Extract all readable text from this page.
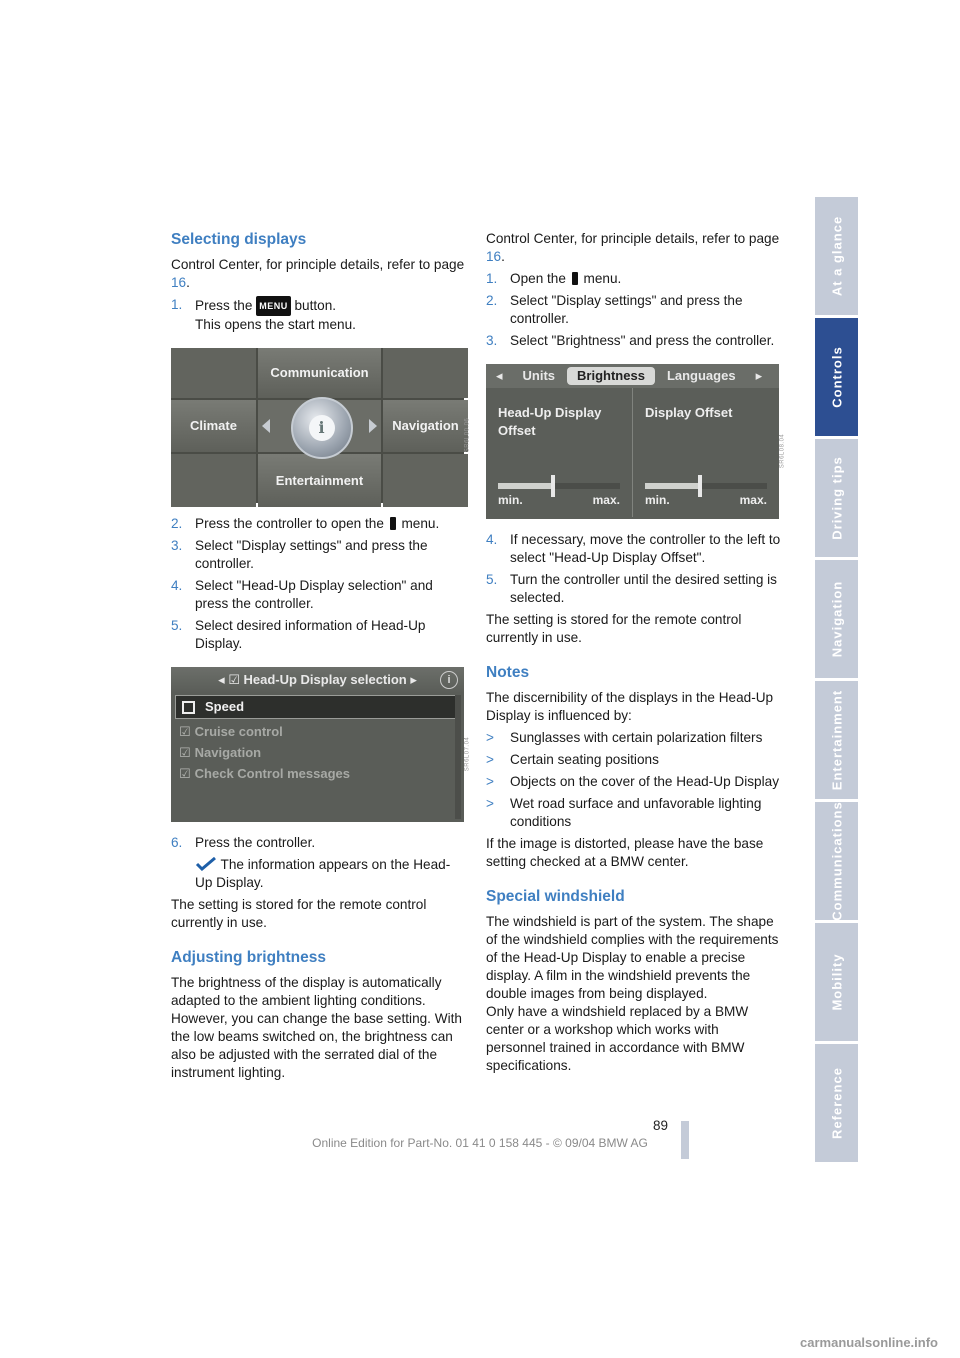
Selecting displays

Control Center, for principle details, refer to page 16.

1. Press the MENU button.
This opens the start menu.
Communication
Climate	i	Navigation
Entertainment
SR6L00.06
2. Press the controller to open the menu.
3. Select "Display settings" and press the controller.
4. Select "Head-Up Display selection" and press the controller.
5. Select desired information of Head-Up Display.
◂ ☑ Head-Up Display selection ▸	i
Speed
☑ Cruise control
☑ Navigation
☑ Check Control messages
SR6L07.04
6. Press the controller.

The information appears on the Head-Up Display.

The setting is stored for the remote control currently in use.

Adjusting brightness

The brightness of the display is automatically adapted to the ambient lighting conditions. However, you can change the base setting. With the low beams switched on, the brightness can also be adjusted with the serrated dial of the instrument lighting.

Control Center, for principle details, refer to page 16.

1. Open the menu.
2. Select "Display settings" and press the controller.
3. Select "Brightness" and press the controller.
◂	Units	Brightness	Languages	▸
Head-Up Display Offset
min.	max.
Display Offset
min.	max.
SR6L08.04
4. If necessary, move the controller to the left to select "Head-Up Display Offset".
5. Turn the controller until the desired setting is selected.

The setting is stored for the remote control currently in use.

Notes

The discernibility of the displays in the Head-Up Display is influenced by:

>	Sunglasses with certain polarization filters
>	Certain seating positions
>	Objects on the cover of the Head-Up Display
>	Wet road surface and unfavorable lighting conditions

If the image is distorted, please have the base setting checked at a BMW center.

Special windshield

The windshield is part of the system. The shape of the windshield complies with the requirements of the Head-Up Display to enable a precise display. A film in the windshield prevents the double images from being displayed.

Only have a windshield replaced by a BMW center or a workshop which works with personnel trained in accordance with BMW specifications.

At a glance
Controls
Driving tips
Navigation
Entertainment
Communications
Mobility
Reference
89
Online Edition for Part-No. 01 41 0 158 445 - © 09/04 BMW AG
carmanualsonline.info
